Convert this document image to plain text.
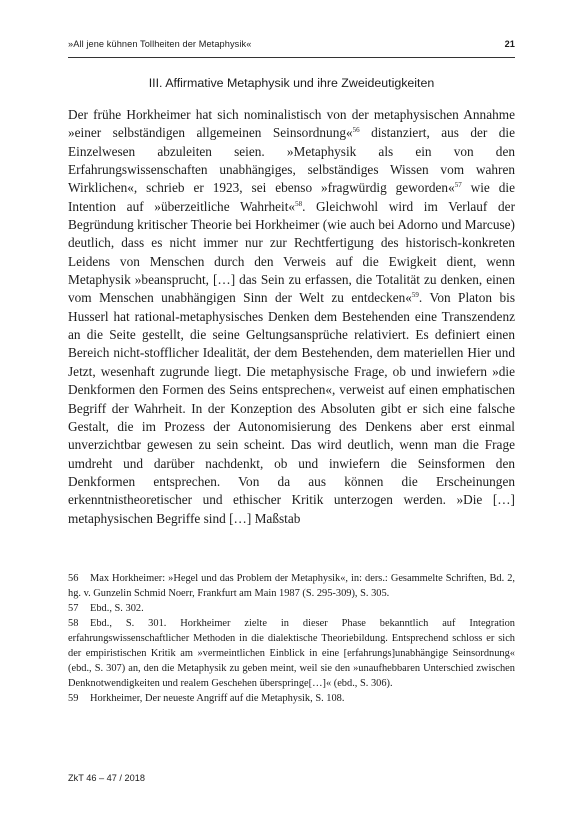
»All jene kühnen Tollheiten der Metaphysik«	21
III. Affirmative Metaphysik und ihre Zweideutigkeiten

Der frühe Horkheimer hat sich nominalistisch von der metaphysischen Annahme »einer selbständigen allgemeinen Seinsordnung«$^{56}$ distanziert, aus der die Einzelwesen abzuleiten seien. »Metaphysik als ein von den Erfahrungswissenschaften unabhängiges, selbständiges Wissen vom wahren Wirklichen«, schrieb er 1923, sei ebenso »fragwürdig geworden«$^{57}$ wie die Intention auf »überzeitliche Wahrheit«$^{58}$. Gleichwohl wird im Verlauf der Begründung kritischer Theorie bei Horkheimer (wie auch bei Adorno und Marcuse) deutlich, dass es nicht immer nur zur Rechtfertigung des historisch-konkreten Leidens von Menschen durch den Verweis auf die Ewigkeit dient, wenn Metaphysik »beansprucht, […] das Sein zu erfassen, die Totalität zu denken, einen vom Menschen unabhängigen Sinn der Welt zu entdecken«$^{59}$. Von Platon bis Husserl hat rational-metaphysisches Denken dem Bestehenden eine Transzendenz an die Seite gestellt, die seine Geltungsansprüche relativiert. Es definiert einen Bereich nicht-stofflicher Idealität, der dem Bestehenden, dem materiellen Hier und Jetzt, wesenhaft zugrunde liegt. Die metaphysische Frage, ob und inwiefern »die Denkformen den Formen des Seins entsprechen«, verweist auf einen emphatischen Begriff der Wahrheit. In der Konzeption des Absoluten gibt er sich eine falsche Gestalt, die im Prozess der Autonomisierung des Denkens aber erst einmal unverzichtbar gewesen zu sein scheint. Das wird deutlich, wenn man die Frage umdreht und darüber nachdenkt, ob und inwiefern die Seinsformen den Denkformen entsprechen. Von da aus können die Erscheinungen erkenntnistheoretischer und ethischer Kritik unterzogen werden. »Die […] metaphysischen Begriffe sind […] Maßstab

56 Max Horkheimer: »Hegel und das Problem der Metaphysik«, in: ders.: Gesammelte Schriften, Bd. 2, hg. v. Gunzelin Schmid Noerr, Frankfurt am Main 1987 (S. 295-309), S. 305.

57 Ebd., S. 302.

58 Ebd., S. 301. Horkheimer zielte in dieser Phase bekanntlich auf Integration erfahrungswissenschaftlicher Methoden in die dialektische Theoriebildung. Entsprechend schloss er sich der empiristischen Kritik am »vermeintlichen Einblick in eine [erfahrungs]unabhängige Seinsordnung« (ebd., S. 307) an, den die Metaphysik zu geben meint, weil sie den »unaufhebbaren Unterschied zwischen Denknotwendigkeiten und realem Geschehen überspringe[…]« (ebd., S. 306).

59 Horkheimer, Der neueste Angriff auf die Metaphysik, S. 108.

ZkT 46 – 47 / 2018
